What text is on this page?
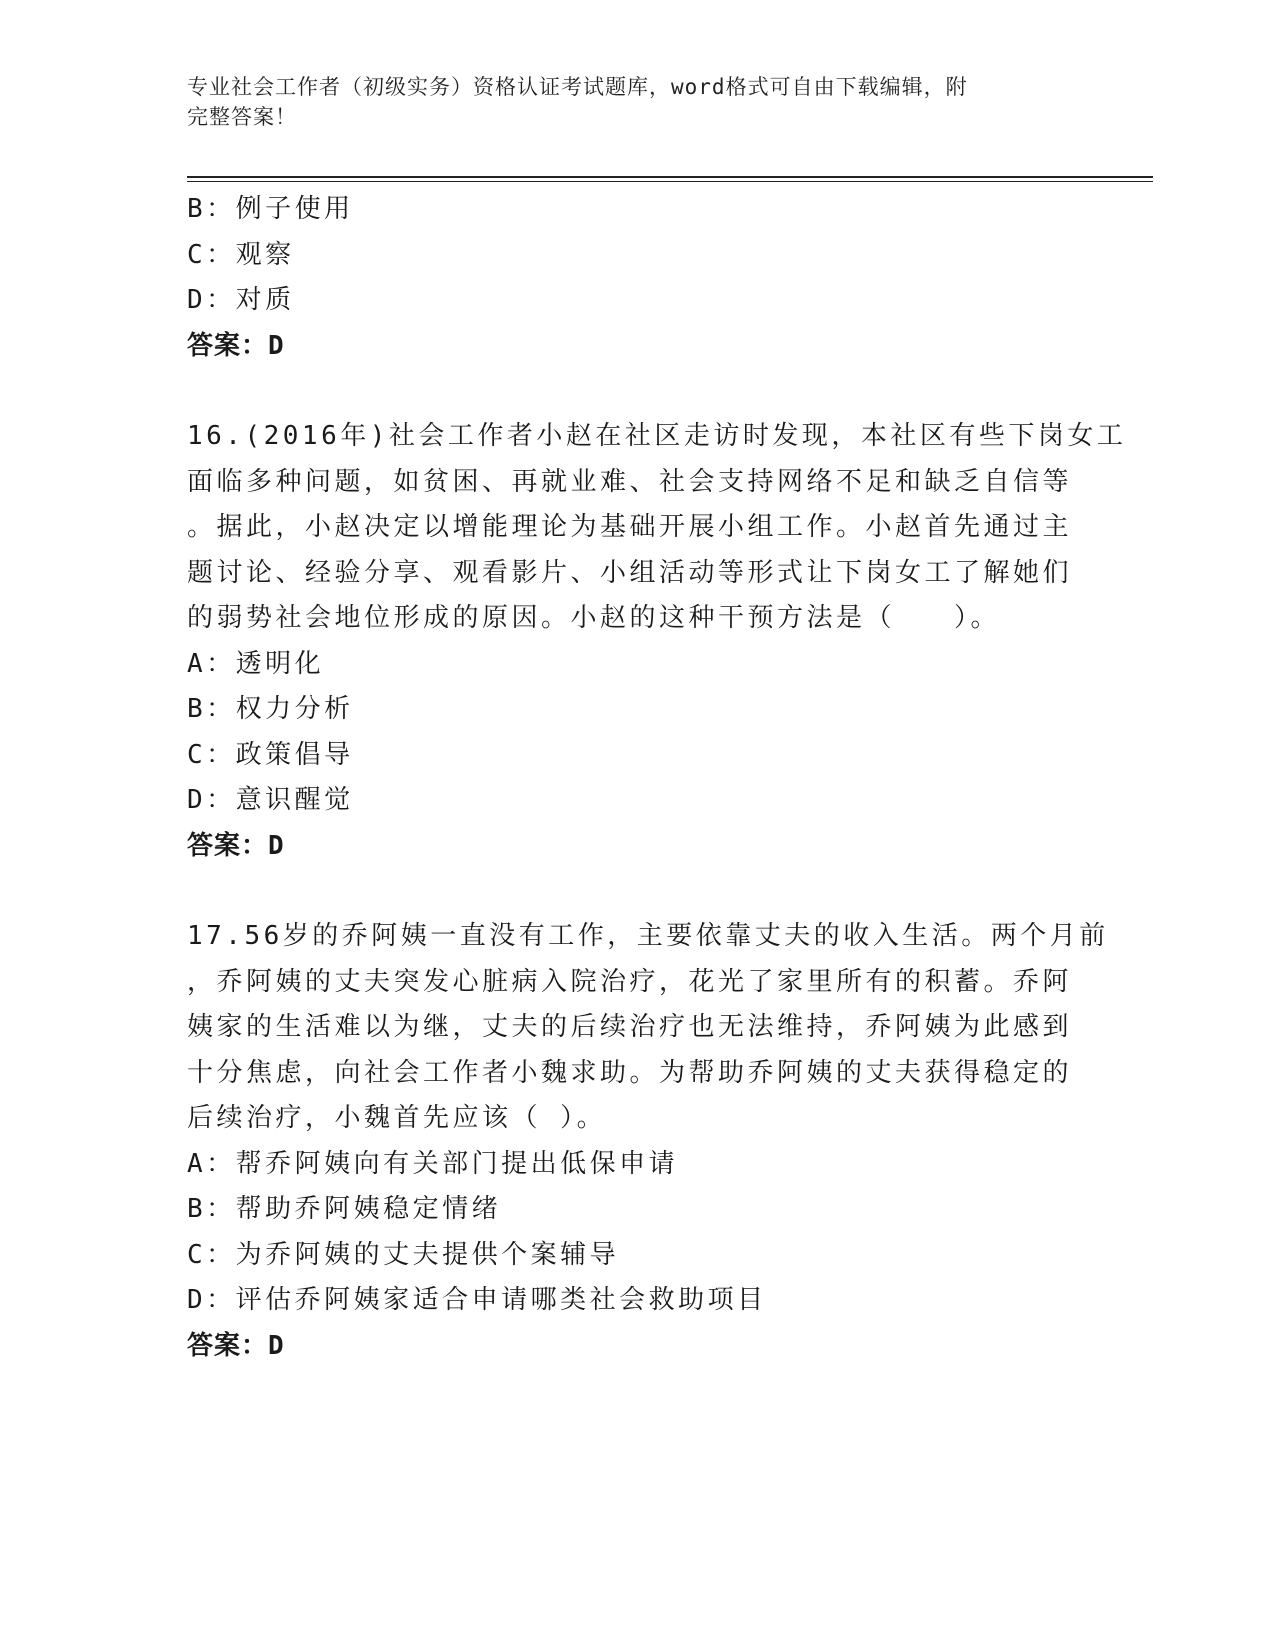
专业社会工作者（初级实务）资格认证考试题库，word格式可自由下载编辑，附
完整答案！
B：例子使用
C：观察
D：对质
答案：D
16.(2016年)社会工作者小赵在社区走访时发现，本社区有些下岗女工
面临多种问题，如贫困、再就业难、社会支持网络不足和缺乏自信等
。据此，小赵决定以增能理论为基础开展小组工作。小赵首先通过主
题讨论、经验分享、观看影片、小组活动等形式让下岗女工了解她们
的弱势社会地位形成的原因。小赵的这种干预方法是（　　）。
A：透明化
B：权力分析
C：政策倡导
D：意识醒觉
答案：D
17.56岁的乔阿姨一直没有工作，主要依靠丈夫的收入生活。两个月前
，乔阿姨的丈夫突发心脏病入院治疗，花光了家里所有的积蓄。乔阿
姨家的生活难以为继，丈夫的后续治疗也无法维持，乔阿姨为此感到
十分焦虑，向社会工作者小魏求助。为帮助乔阿姨的丈夫获得稳定的
后续治疗，小魏首先应该（ ）。
A：帮乔阿姨向有关部门提出低保申请
B：帮助乔阿姨稳定情绪
C：为乔阿姨的丈夫提供个案辅导
D：评估乔阿姨家适合申请哪类社会救助项目
答案：D
